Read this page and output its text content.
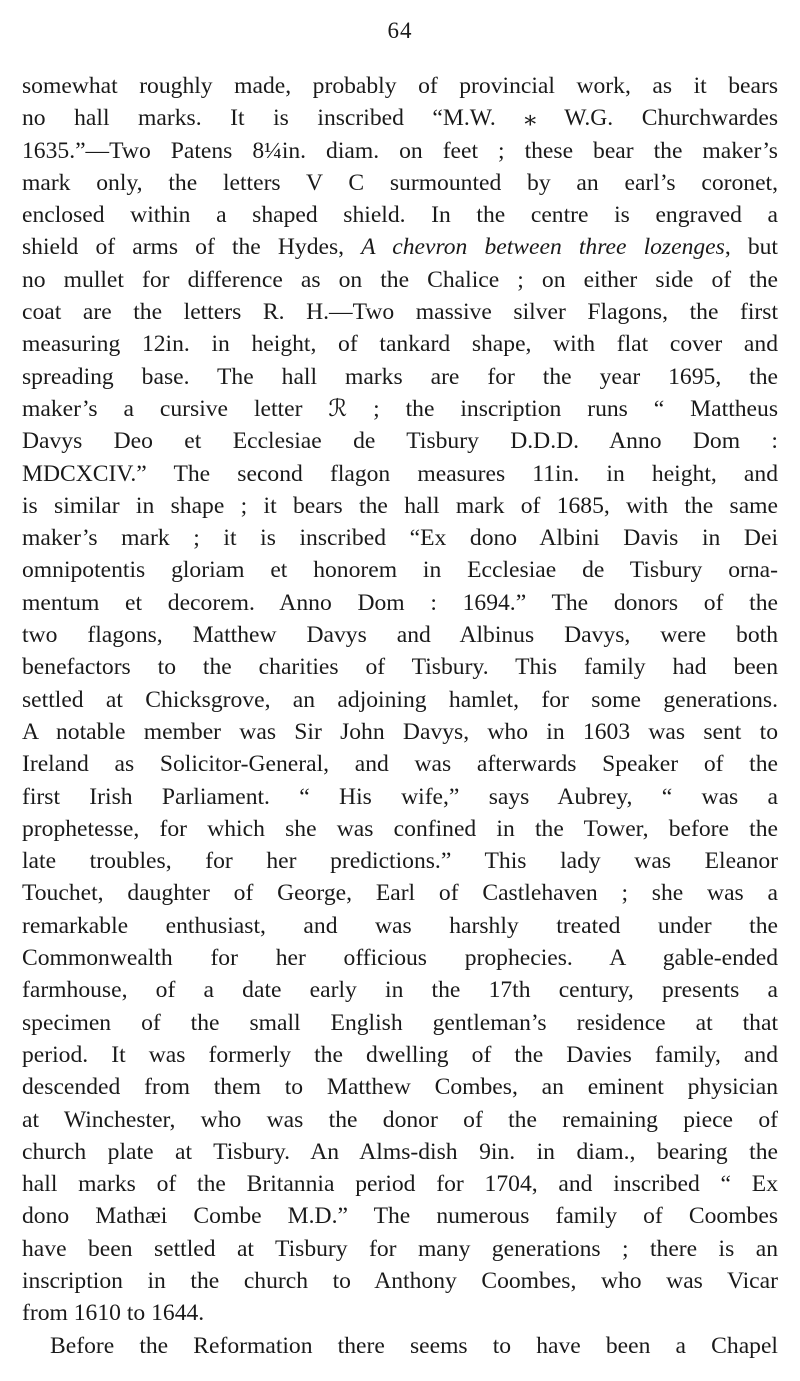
64
somewhat roughly made, probably of provincial work, as it bears
no hall marks. It is inscribed “M.W. ⁎ W.G. Churchwardes
1635.”—Two Patens 8¼in. diam. on feet ; these bear the maker’s
mark only, the letters V C surmounted by an earl’s coronet,
enclosed within a shaped shield. In the centre is engraved a
shield of arms of the Hydes, A chevron between three lozenges, but
no mullet for difference as on the Chalice ; on either side of the
coat are the letters R. H.—Two massive silver Flagons, the first
measuring 12in. in height, of tankard shape, with flat cover and
spreading base. The hall marks are for the year 1695, the
maker’s a cursive letter ℛ ; the inscription runs “ Mattheus
Davys Deo et Ecclesiae de Tisbury D.D.D. Anno Dom :
MDCXCIV.” The second flagon measures 11in. in height, and
is similar in shape ; it bears the hall mark of 1685, with the same
maker’s mark ; it is inscribed “Ex dono Albini Davis in Dei
omnipotentis gloriam et honorem in Ecclesiae de Tisbury orna-
mentum et decorem. Anno Dom : 1694.” The donors of the
two flagons, Matthew Davys and Albinus Davys, were both
benefactors to the charities of Tisbury. This family had been
settled at Chicksgrove, an adjoining hamlet, for some generations.
A notable member was Sir John Davys, who in 1603 was sent to
Ireland as Solicitor-General, and was afterwards Speaker of the
first Irish Parliament. “ His wife,” says Aubrey, “ was a
prophetesse, for which she was confined in the Tower, before the
late troubles, for her predictions.” This lady was Eleanor
Touchet, daughter of George, Earl of Castlehaven ; she was a
remarkable enthusiast, and was harshly treated under the
Commonwealth for her officious prophecies. A gable-ended
farmhouse, of a date early in the 17th century, presents a
specimen of the small English gentleman’s residence at that
period. It was formerly the dwelling of the Davies family, and
descended from them to Matthew Combes, an eminent physician
at Winchester, who was the donor of the remaining piece of
church plate at Tisbury. An Alms-dish 9in. in diam., bearing the
hall marks of the Britannia period for 1704, and inscribed “ Ex
dono Mathæi Combe M.D.” The numerous family of Coombes
have been settled at Tisbury for many generations ; there is an
inscription in the church to Anthony Coombes, who was Vicar
from 1610 to 1644.
Before the Reformation there seems to have been a Chapel
